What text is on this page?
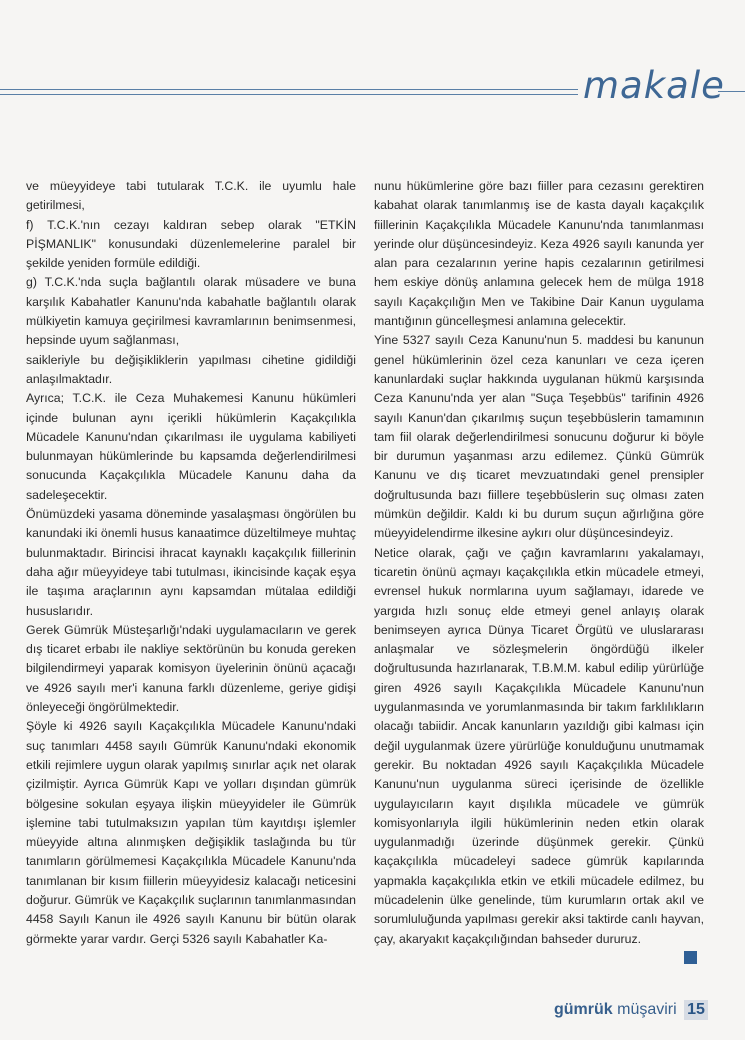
makale

ve müeyyideye tabi tutularak T.C.K. ile uyumlu hale getirilmesi,

f) T.C.K.'nın cezayı kaldıran sebep olarak "ETKİN PİŞMANLIK" konusundaki düzenlemelerine paralel bir şekilde yeniden formüle edildiği.

g) T.C.K.'nda suçla bağlantılı olarak müsadere ve buna karşılık Kabahatler Kanunu'nda kabahatle bağlantılı olarak mülkiyetin kamuya geçirilmesi kavramlarının benimsenmesi, hepsinde uyum sağlanması,

saikleriyle bu değişikliklerin yapılması cihetine gidildiği anlaşılmaktadır.

Ayrıca; T.C.K. ile Ceza Muhakemesi Kanunu hükümleri içinde bulunan aynı içerikli hükümlerin Kaçakçılıkla Mücadele Kanunu'ndan çıkarılması ile uygulama kabiliyeti bulunmayan hükümlerinde bu kapsamda değerlendirilmesi sonucunda Kaçakçılıkla Mücadele Kanunu daha da sadeleşecektir.

Önümüzdeki yasama döneminde yasalaşması öngörülen bu kanundaki iki önemli husus kanaatimce düzeltilmeye muhtaç bulunmaktadır. Birincisi ihracat kaynaklı kaçakçılık fiillerinin daha ağır müeyyideye tabi tutulması, ikincisinde kaçak eşya ile taşıma araçlarının aynı kapsamdan mütalaa edildiği hususlarıdır.

Gerek Gümrük Müsteşarlığı'ndaki uygulamacıların ve gerek dış ticaret erbabı ile nakliye sektörünün bu konuda gereken bilgilendirmeyi yaparak komisyon üyelerinin önünü açacağı ve 4926 sayılı mer'i kanuna farklı düzenleme, geriye gidişi önleyeceği öngörülmektedir.

Şöyle ki 4926 sayılı Kaçakçılıkla Mücadele Kanunu'ndaki suç tanımları 4458 sayılı Gümrük Kanunu'ndaki ekonomik etkili rejimlere uygun olarak yapılmış sınırlar açık net olarak çizilmiştir. Ayrıca Gümrük Kapı ve yolları dışından gümrük bölgesine sokulan eşyaya ilişkin müeyyideler ile Gümrük işlemine tabi tutulmaksızın yapılan tüm kayıtdışı işlemler müeyyide altına alınmışken değişiklik taslağında bu tür tanımların görülmemesi Kaçakçılıkla Mücadele Kanunu'nda tanımlanan bir kısım fiillerin müeyyidesiz kalacağı neticesini doğurur. Gümrük ve Kaçakçılık suçlarının tanımlanmasından 4458 Sayılı Kanun ile 4926 sayılı Kanunu bir bütün olarak görmekte yarar vardır. Gerçi 5326 sayılı Kabahatler Ka-

nunu hükümlerine göre bazı fiiller para cezasını gerektiren kabahat olarak tanımlanmış ise de kasta dayalı kaçakçılık fiillerinin Kaçakçılıkla Mücadele Kanunu'nda tanımlanması yerinde olur düşüncesindeyiz. Keza 4926 sayılı kanunda yer alan para cezalarının yerine hapis cezalarının getirilmesi hem eskiye dönüş anlamına gelecek hem de mülga 1918 sayılı Kaçakçılığın Men ve Takibine Dair Kanun uygulama mantığının güncelleşmesi anlamına gelecektir.

Yine 5327 sayılı Ceza Kanunu'nun 5. maddesi bu kanunun genel hükümlerinin özel ceza kanunları ve ceza içeren kanunlardaki suçlar hakkında uygulanan hükmü karşısında Ceza Kanunu'nda yer alan "Suça Teşebbüs" tarifinin 4926 sayılı Kanun'dan çıkarılmış suçun teşebbüslerin tamamının tam fiil olarak değerlendirilmesi sonucunu doğurur ki böyle bir durumun yaşanması arzu edilemez. Çünkü Gümrük Kanunu ve dış ticaret mevzuatındaki genel prensipler doğrultusunda bazı fiillere teşebbüslerin suç olması zaten mümkün değildir. Kaldı ki bu durum suçun ağırlığına göre müeyyidelendirme ilkesine aykırı olur düşüncesindeyiz.

Netice olarak, çağı ve çağın kavramlarını yakalamayı, ticaretin önünü açmayı kaçakçılıkla etkin mücadele etmeyi, evrensel hukuk normlarına uyum sağlamayı, idarede ve yargıda hızlı sonuç elde etmeyi genel anlayış olarak benimseyen ayrıca Dünya Ticaret Örgütü ve uluslararası anlaşmalar ve sözleşmelerin öngördüğü ilkeler doğrultusunda hazırlanarak, T.B.M.M. kabul edilip yürürlüğe giren 4926 sayılı Kaçakçılıkla Mücadele Kanunu'nun uygulanmasında ve yorumlanmasında bir takım farklılıkların olacağı tabiidir. Ancak kanunların yazıldığı gibi kalması için değil uygulanmak üzere yürürlüğe konulduğunu unutmamak gerekir. Bu noktadan 4926 sayılı Kaçakçılıkla Mücadele Kanunu'nun uygulanma süreci içerisinde de özellikle uygulayıcıların kayıt dışılıkla mücadele ve gümrük komisyonlarıyla ilgili hükümlerinin neden etkin olarak uygulanmadığı üzerinde düşünmek gerekir. Çünkü kaçakçılıkla mücadeleyi sadece gümrük kapılarında yapmakla kaçakçılıkla etkin ve etkili mücadele edilmez, bu mücadelenin ülke genelinde, tüm kurumların ortak akıl ve sorumluluğunda yapılması gerekir aksi taktirde canlı hayvan, çay, akaryakıt kaçakçılığından bahseder dururuz.

gümrük müşaviri 15
